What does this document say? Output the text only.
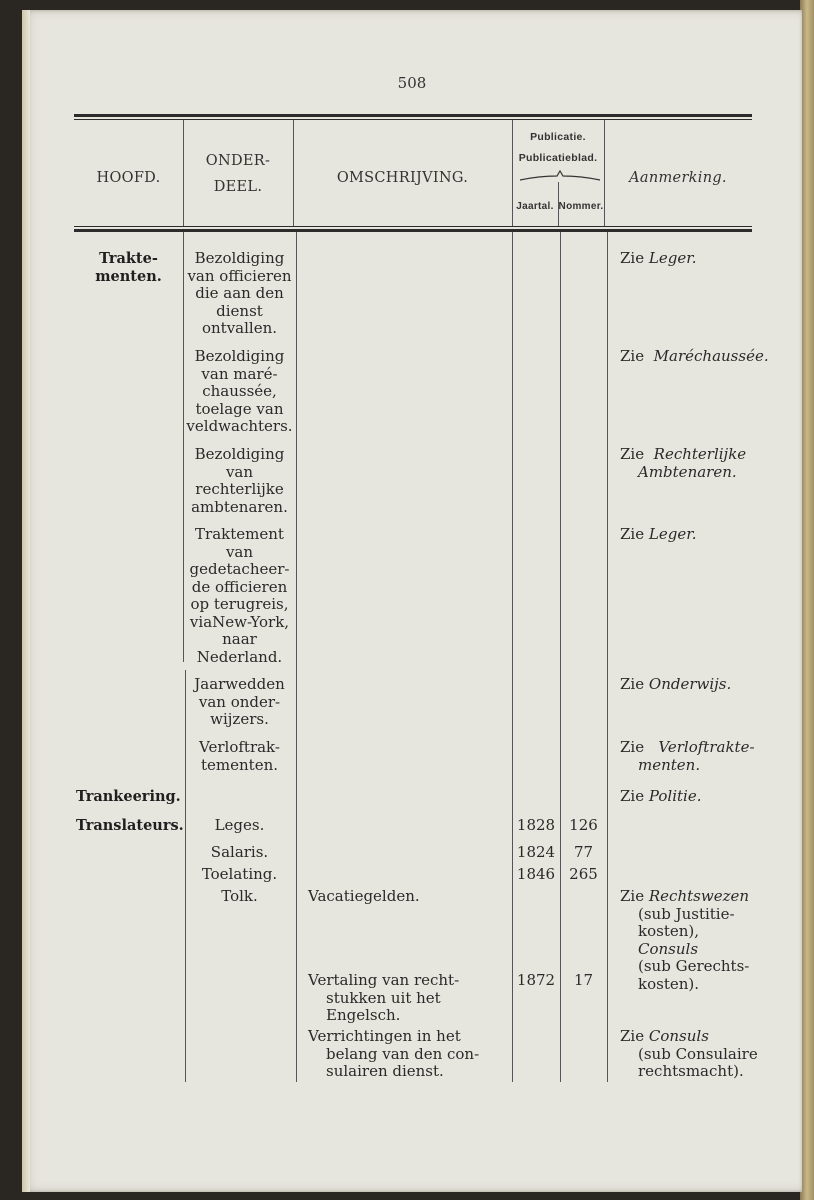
508
HOOFD.
ONDER-
DEEL.
OMSCHRIJVING.
Publicatie.
Publicatieblad.
Jaartal. Nommer.
Aanmerking.
Trakte-
menten.
Trankeering.
Translateurs.
Bezoldiging
van officieren
die aan den
dienst
ontvallen.
Bezoldiging
van maré-
chaussée,
toelage van
veldwachters.
Bezoldiging
van
rechterlijke
ambtenaren.
Traktement
van
gedetacheer-
de officieren
op terugreis,
viaNew-York,
naar
Nederland.
Jaarwedden
van onder-
wijzers.
Verloftrak-
tementen.
Leges.
Salaris.
Toelating.
Tolk.	Vacatiegelden.
Vertaling van recht-
stukken uit het
Engelsch.
Verrichtingen in het
belang van den con-
sulairen dienst.
1828
1824
1846
1872
126
77
265
17
Zie Leger.
Zie Maréchaussée.
Zie Rechterlijke
Ambtenaren.
Zie Leger.
Zie Onderwijs.
Zie Verloftrakte-
menten.
Zie Politie.
Zie Rechtswezen
(sub Justitie-
kosten), Consuls
(sub Gerechts-
kosten).
Zie Consuls
(sub Consulaire
rechtsmacht).
